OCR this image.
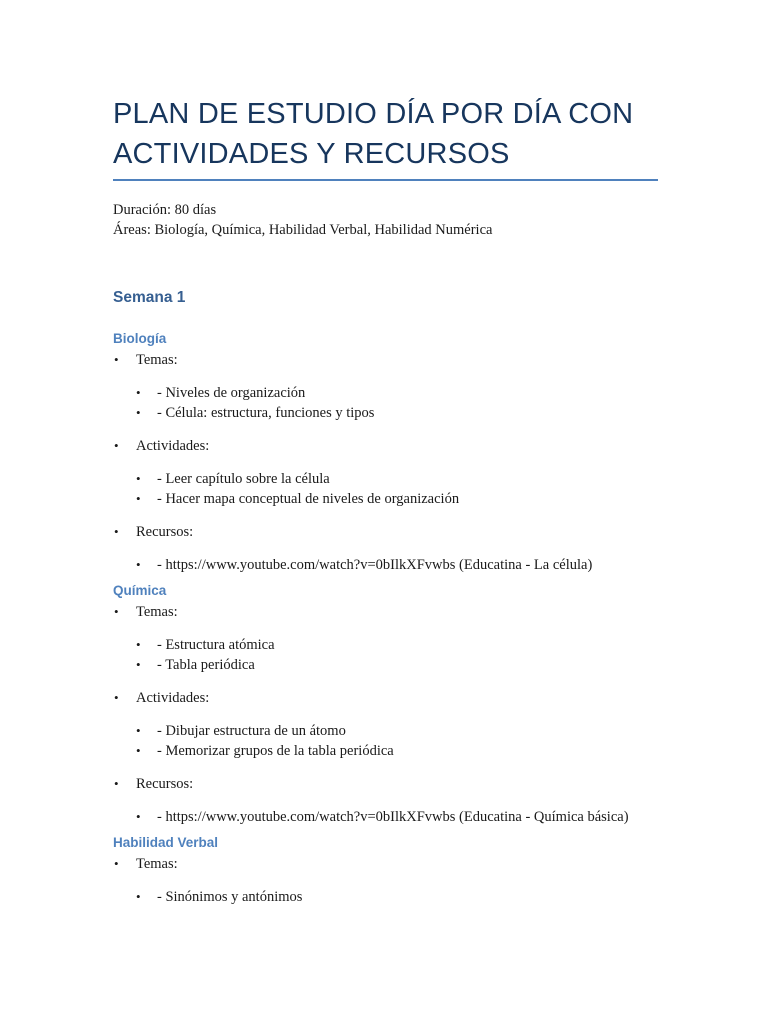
PLAN DE ESTUDIO DÍA POR DÍA CON ACTIVIDADES Y RECURSOS

Duración: 80 días

Áreas: Biología, Química, Habilidad Verbal, Habilidad Numérica

Semana 1
Biología
• Temas:
• - Niveles de organización
• - Célula: estructura, funciones y tipos
• Actividades:
• - Leer capítulo sobre la célula
• - Hacer mapa conceptual de niveles de organización
• Recursos:
• - https://www.youtube.com/watch?v=0bIlkXFvwbs (Educatina - La célula)
Química
• Temas:
• - Estructura atómica
• - Tabla periódica
• Actividades:
• - Dibujar estructura de un átomo
• - Memorizar grupos de la tabla periódica
• Recursos:
• - https://www.youtube.com/watch?v=0bIlkXFvwbs (Educatina - Química básica)
Habilidad Verbal
• Temas:
• - Sinónimos y antónimos
